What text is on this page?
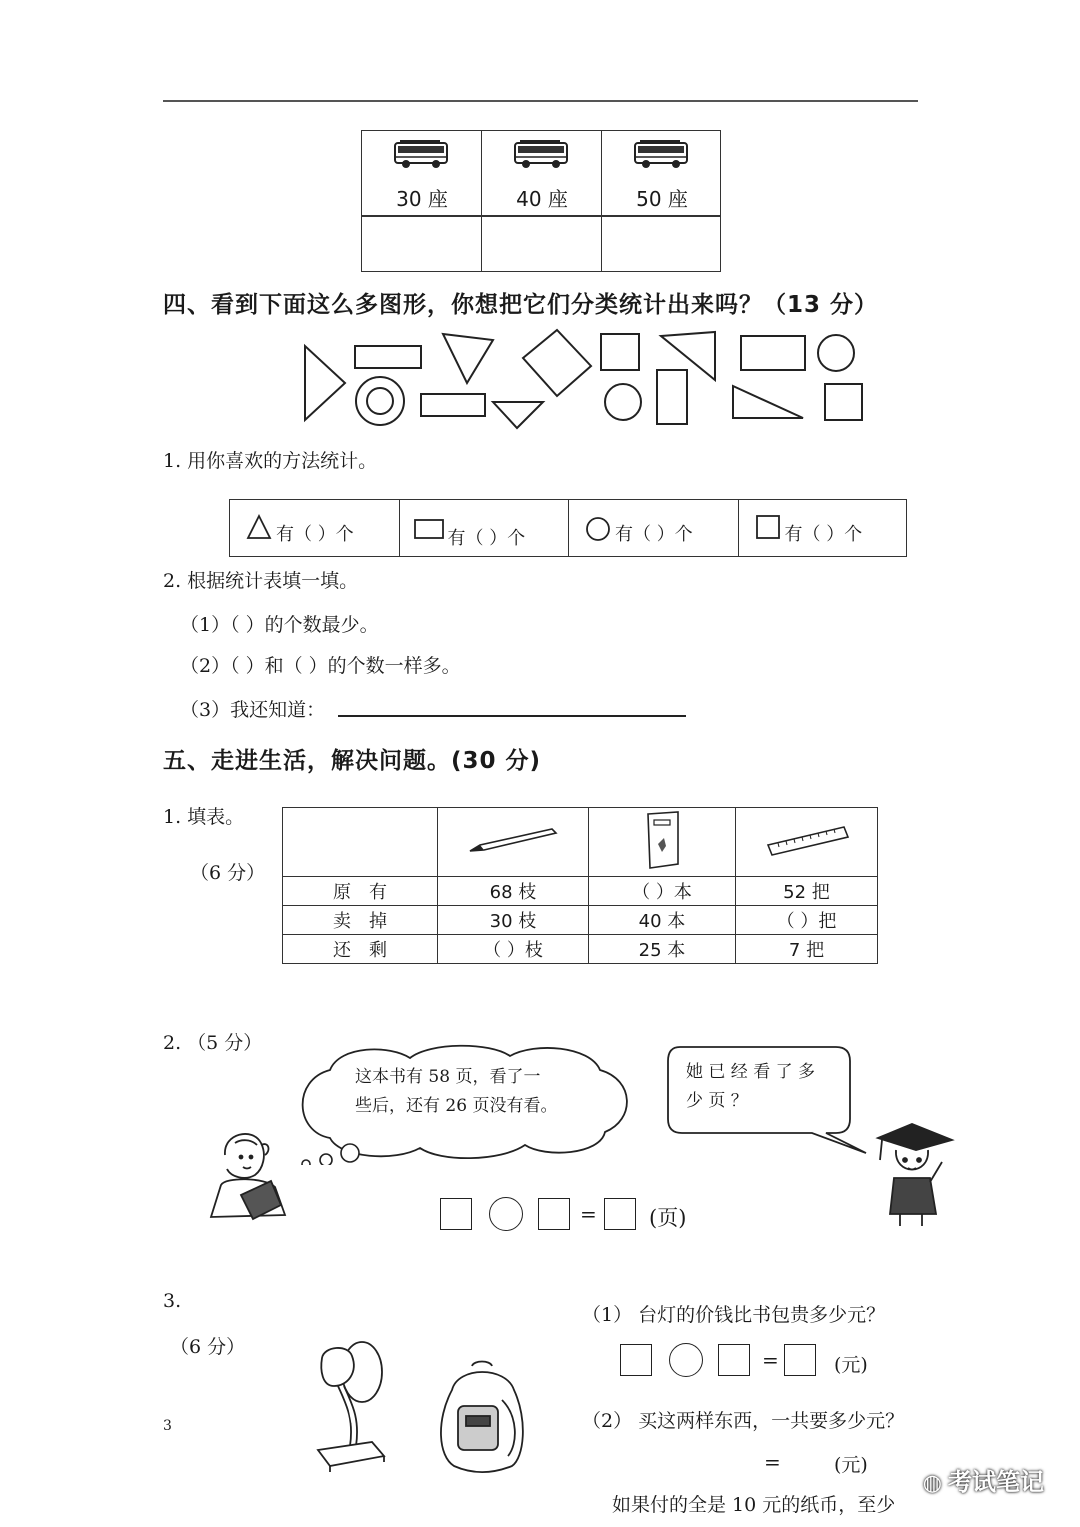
30 座	40 座	50 座
四、看到下面这么多图形，你想把它们分类统计出来吗？（13 分）
1. 用你喜欢的方法统计。
有（ ）个	有（ ）个	有（ ）个	有（ ）个
2. 根据统计表填一填。
（1）（ ）的个数最少。
（2）（ ）和（ ）的个数一样多。
（3）我还知道：
五、走进生活，解决问题。(30 分)
1. 填表。
（6 分）

原　有	68 枝	（ ）本	52 把
卖　掉	30 枝	40 本	（ ）把
还　剩	（ ）枝	25 本	7 把
2. （5 分）
这本书有 58 页，看了一
些后，还有 26 页没有看。
她 已 经 看 了 多
少 页 ？
= (页)
3.
（6 分）
3
（1） 台灯的价钱比书包贵多少元？
=	(元)
（2） 买这两样东西，一共要多少元？
=	(元)
如果付的全是 10 元的纸币，至少
◍ 考试笔记
